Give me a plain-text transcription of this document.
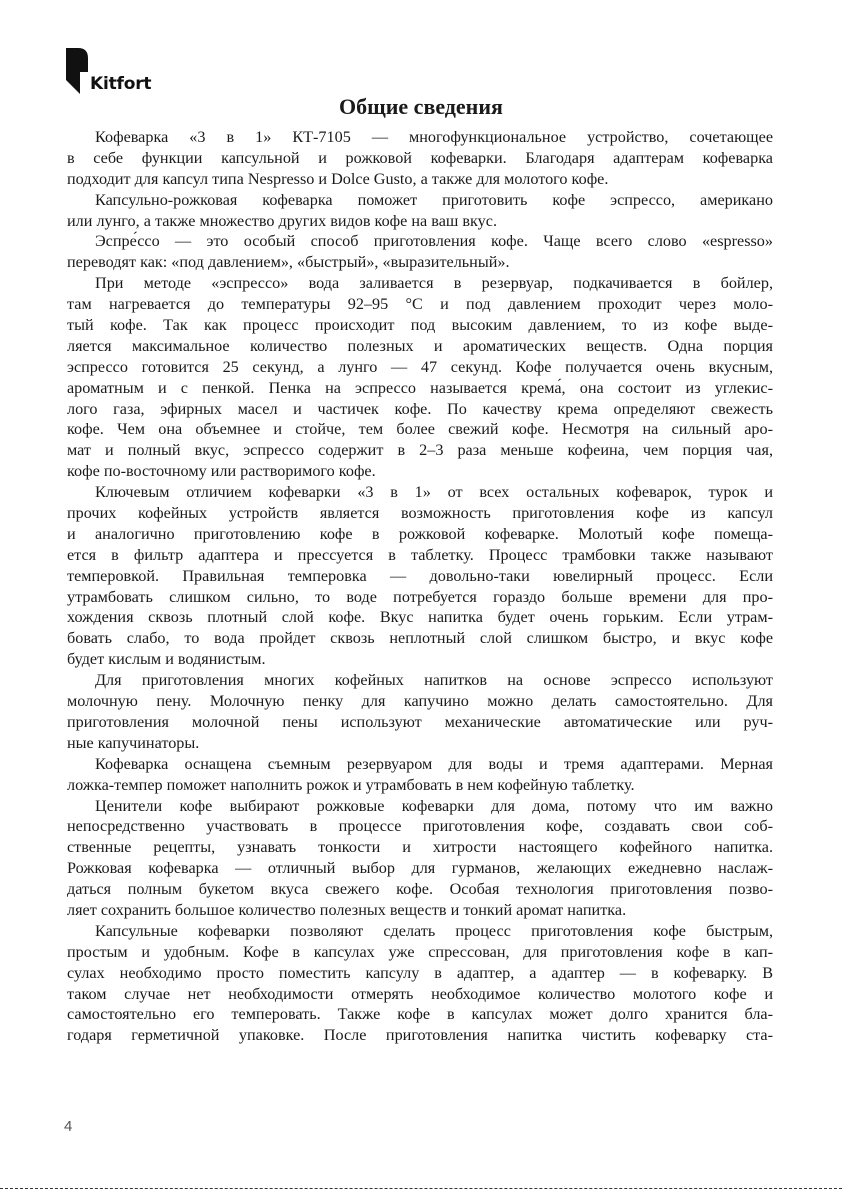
Kitfort
Общие сведения
Кофеварка «3 в 1» КТ-7105 — многофункциональное устройство, сочетающее
в себе функции капсульной и рожковой кофеварки. Благодаря адаптерам кофеварка
подходит для капсул типа Nespresso и Dolce Gusto, а также для молотого кофе.
Капсульно-рожковая кофеварка поможет приготовить кофе эспрессо, американо
или лунго, а также множество других видов кофе на ваш вкус.
Эспре́ссо — это особый способ приготовления кофе. Чаще всего слово «espresso»
переводят как: «под давлением», «быстрый», «выразительный».
При методе «эспрессо» вода заливается в резервуар, подкачивается в бойлер,
там нагревается до температуры 92–95 °C и под давлением проходит через моло-
тый кофе. Так как процесс происходит под высоким давлением, то из кофе выде-
ляется максимальное количество полезных и ароматических веществ. Одна порция
эспрессо готовится 25 секунд, а лунго — 47 секунд. Кофе получается очень вкусным,
ароматным и с пенкой. Пенка на эспрессо называется крема́, она состоит из углекис-
лого газа, эфирных масел и частичек кофе. По качеству крема определяют свежесть
кофе. Чем она объемнее и стойче, тем более свежий кофе. Несмотря на сильный аро-
мат и полный вкус, эспрессо содержит в 2–3 раза меньше кофеина, чем порция чая,
кофе по-восточному или растворимого кофе.
Ключевым отличием кофеварки «3 в 1» от всех остальных кофеварок, турок и
прочих кофейных устройств является возможность приготовления кофе из капсул
и аналогично приготовлению кофе в рожковой кофеварке. Молотый кофе помеща-
ется в фильтр адаптера и прессуется в таблетку. Процесс трамбовки также называют
темперовкой. Правильная темперовка — довольно-таки ювелирный процесс. Если
утрамбовать слишком сильно, то воде потребуется гораздо больше времени для про-
хождения сквозь плотный слой кофе. Вкус напитка будет очень горьким. Если утрам-
бовать слабо, то вода пройдет сквозь неплотный слой слишком быстро, и вкус кофе
будет кислым и водянистым.
Для приготовления многих кофейных напитков на основе эспрессо используют
молочную пену. Молочную пенку для капучино можно делать самостоятельно. Для
приготовления молочной пены используют механические автоматические или руч-
ные капучинаторы.
Кофеварка оснащена съемным резервуаром для воды и тремя адаптерами. Мерная
ложка-темпер поможет наполнить рожок и утрамбовать в нем кофейную таблетку.
Ценители кофе выбирают рожковые кофеварки для дома, потому что им важно
непосредственно участвовать в процессе приготовления кофе, создавать свои соб-
ственные рецепты, узнавать тонкости и хитрости настоящего кофейного напитка.
Рожковая кофеварка — отличный выбор для гурманов, желающих ежедневно наслаж-
даться полным букетом вкуса свежего кофе. Особая технология приготовления позво-
ляет сохранить большое количество полезных веществ и тонкий аромат напитка.
Капсульные кофеварки позволяют сделать процесс приготовления кофе быстрым,
простым и удобным. Кофе в капсулах уже спрессован, для приготовления кофе в кап-
сулах необходимо просто поместить капсулу в адаптер, а адаптер — в кофеварку. В
таком случае нет необходимости отмерять необходимое количество молотого кофе и
самостоятельно его темперовать. Также кофе в капсулах может долго хранится бла-
годаря герметичной упаковке. После приготовления напитка чистить кофеварку ста-
4
